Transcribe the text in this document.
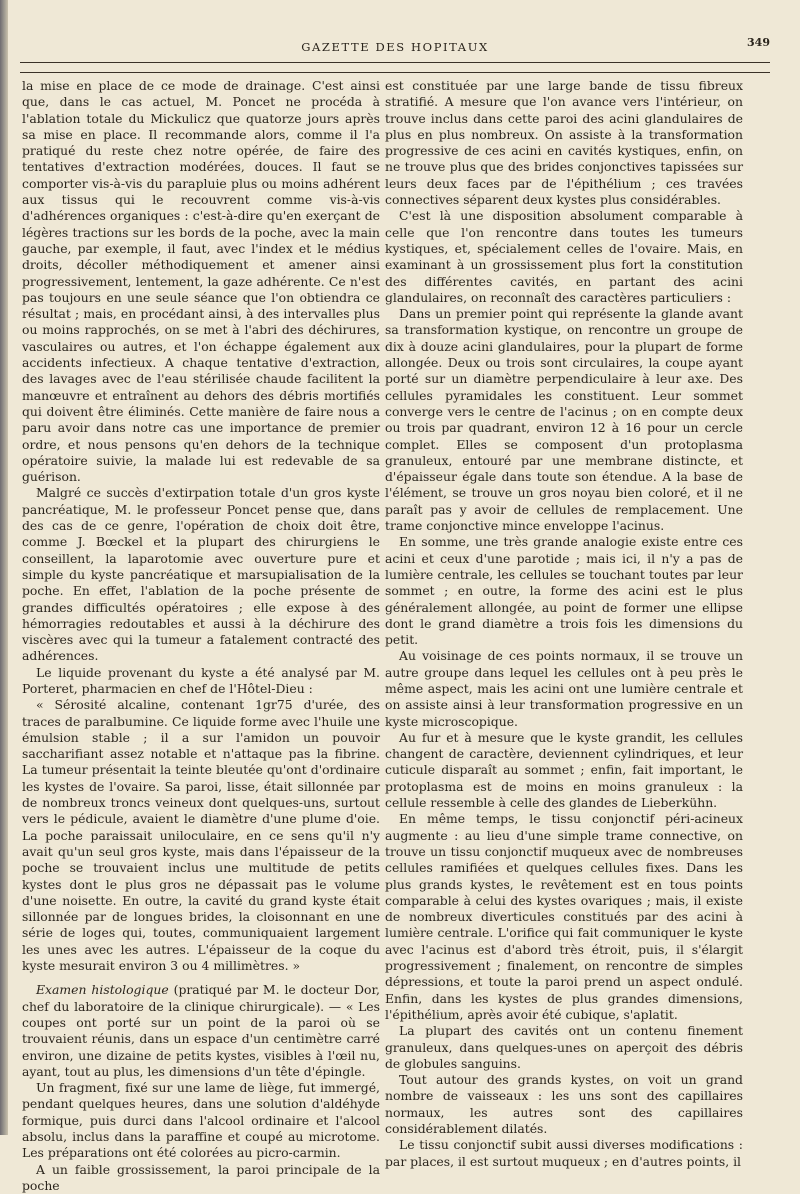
GAZETTE DES HOPITAUX	349

la mise en place de ce mode de drainage. C'est ainsi que, dans le cas actuel, M. Poncet ne procéda à l'ablation totale du Mickulicz que quatorze jours après sa mise en place. Il recommande alors, comme il l'a pratiqué du reste chez notre opérée, de faire des tentatives d'extraction modérées, douces. Il faut se comporter vis-à-vis du parapluie plus ou moins adhérent aux tissus qui le recouvrent comme vis-à-vis d'adhérences organiques : c'est-à-dire qu'en exerçant de légères tractions sur les bords de la poche, avec la main gauche, par exemple, il faut, avec l'index et le médius droits, décoller méthodiquement et amener ainsi progressivement, lentement, la gaze adhérente. Ce n'est pas toujours en une seule séance que l'on obtiendra ce résultat ; mais, en procédant ainsi, à des intervalles plus ou moins rapprochés, on se met à l'abri des déchirures, vasculaires ou autres, et l'on échappe également aux accidents infectieux. A chaque tentative d'extraction, des lavages avec de l'eau stérilisée chaude facilitent la manœuvre et entraînent au dehors des débris mortifiés qui doivent être éliminés. Cette manière de faire nous a paru avoir dans notre cas une importance de premier ordre, et nous pensons qu'en dehors de la technique opératoire suivie, la malade lui est redevable de sa guérison.

Malgré ce succès d'extirpation totale d'un gros kyste pancréatique, M. le professeur Poncet pense que, dans des cas de ce genre, l'opération de choix doit être, comme J. Bœckel et la plupart des chirurgiens le conseillent, la laparotomie avec ouverture pure et simple du kyste pancréatique et marsupialisation de la poche. En effet, l'ablation de la poche présente de grandes difficultés opératoires ; elle expose à des hémorragies redoutables et aussi à la déchirure des viscères avec qui la tumeur a fatalement contracté des adhérences.

Le liquide provenant du kyste a été analysé par M. Porteret, pharmacien en chef de l'Hôtel-Dieu :

« Sérosité alcaline, contenant 1gr75 d'urée, des traces de paralbumine. Ce liquide forme avec l'huile une émulsion stable ; il a sur l'amidon un pouvoir saccharifiant assez notable et n'attaque pas la fibrine. La tumeur présentait la teinte bleutée qu'ont d'ordinaire les kystes de l'ovaire. Sa paroi, lisse, était sillonnée par de nombreux troncs veineux dont quelques-uns, surtout vers le pédicule, avaient le diamètre d'une plume d'oie. La poche paraissait uniloculaire, en ce sens qu'il n'y avait qu'un seul gros kyste, mais dans l'épaisseur de la poche se trouvaient inclus une multitude de petits kystes dont le plus gros ne dépassait pas le volume d'une noisette. En outre, la cavité du grand kyste était sillonnée par de longues brides, la cloisonnant en une série de loges qui, toutes, communiquaient largement les unes avec les autres. L'épaisseur de la coque du kyste mesurait environ 3 ou 4 millimètres. »

Examen histologique (pratiqué par M. le docteur Dor, chef du laboratoire de la clinique chirurgicale). — « Les coupes ont porté sur un point de la paroi où se trouvaient réunis, dans un espace d'un centimètre carré environ, une dizaine de petits kystes, visibles à l'œil nu, ayant, tout au plus, les dimensions d'un tête d'épingle.

Un fragment, fixé sur une lame de liège, fut immergé, pendant quelques heures, dans une solution d'aldéhyde formique, puis durci dans l'alcool ordinaire et l'alcool absolu, inclus dans la paraffine et coupé au microtome. Les préparations ont été colorées au picro-carmin.

A un faible grossissement, la paroi principale de la poche

est constituée par une large bande de tissu fibreux stratifié. A mesure que l'on avance vers l'intérieur, on trouve inclus dans cette paroi des acini glandulaires de plus en plus nombreux. On assiste à la transformation progressive de ces acini en cavités kystiques, enfin, on ne trouve plus que des brides conjonctives tapissées sur leurs deux faces par de l'épithélium ; ces travées connectives séparent deux kystes plus considérables.

C'est là une disposition absolument comparable à celle que l'on rencontre dans toutes les tumeurs kystiques, et, spécialement celles de l'ovaire. Mais, en examinant à un grossissement plus fort la constitution des différentes cavités, en partant des acini glandulaires, on reconnaît des caractères particuliers :

Dans un premier point qui représente la glande avant sa transformation kystique, on rencontre un groupe de dix à douze acini glandulaires, pour la plupart de forme allongée. Deux ou trois sont circulaires, la coupe ayant porté sur un diamètre perpendiculaire à leur axe. Des cellules pyramidales les constituent. Leur sommet converge vers le centre de l'acinus ; on en compte deux ou trois par quadrant, environ 12 à 16 pour un cercle complet. Elles se composent d'un protoplasma granuleux, entouré par une membrane distincte, et d'épaisseur égale dans toute son étendue. A la base de l'élément, se trouve un gros noyau bien coloré, et il ne paraît pas y avoir de cellules de remplacement. Une trame conjonctive mince enveloppe l'acinus.

En somme, une très grande analogie existe entre ces acini et ceux d'une parotide ; mais ici, il n'y a pas de lumière centrale, les cellules se touchant toutes par leur sommet ; en outre, la forme des acini est le plus généralement allongée, au point de former une ellipse dont le grand diamètre a trois fois les dimensions du petit.

Au voisinage de ces points normaux, il se trouve un autre groupe dans lequel les cellules ont à peu près le même aspect, mais les acini ont une lumière centrale et on assiste ainsi à leur transformation progressive en un kyste microscopique.

Au fur et à mesure que le kyste grandit, les cellules changent de caractère, deviennent cylindriques, et leur cuticule disparaît au sommet ; enfin, fait important, le protoplasma est de moins en moins granuleux : la cellule ressemble à celle des glandes de Lieberkühn.

En même temps, le tissu conjonctif péri-acineux augmente : au lieu d'une simple trame connective, on trouve un tissu conjonctif muqueux avec de nombreuses cellules ramifiées et quelques cellules fixes. Dans les plus grands kystes, le revêtement est en tous points comparable à celui des kystes ovariques ; mais, il existe de nombreux diverticules constitués par des acini à lumière centrale. L'orifice qui fait communiquer le kyste avec l'acinus est d'abord très étroit, puis, il s'élargit progressivement ; finalement, on rencontre de simples dépressions, et toute la paroi prend un aspect ondulé. Enfin, dans les kystes de plus grandes dimensions, l'épithélium, après avoir été cubique, s'aplatit.

La plupart des cavités ont un contenu finement granuleux, dans quelques-unes on aperçoit des débris de globules sanguins.

Tout autour des grands kystes, on voit un grand nombre de vaisseaux : les uns sont des capillaires normaux, les autres sont des capillaires considérablement dilatés.

Le tissu conjonctif subit aussi diverses modifications : par places, il est surtout muqueux ; en d'autres points, il
